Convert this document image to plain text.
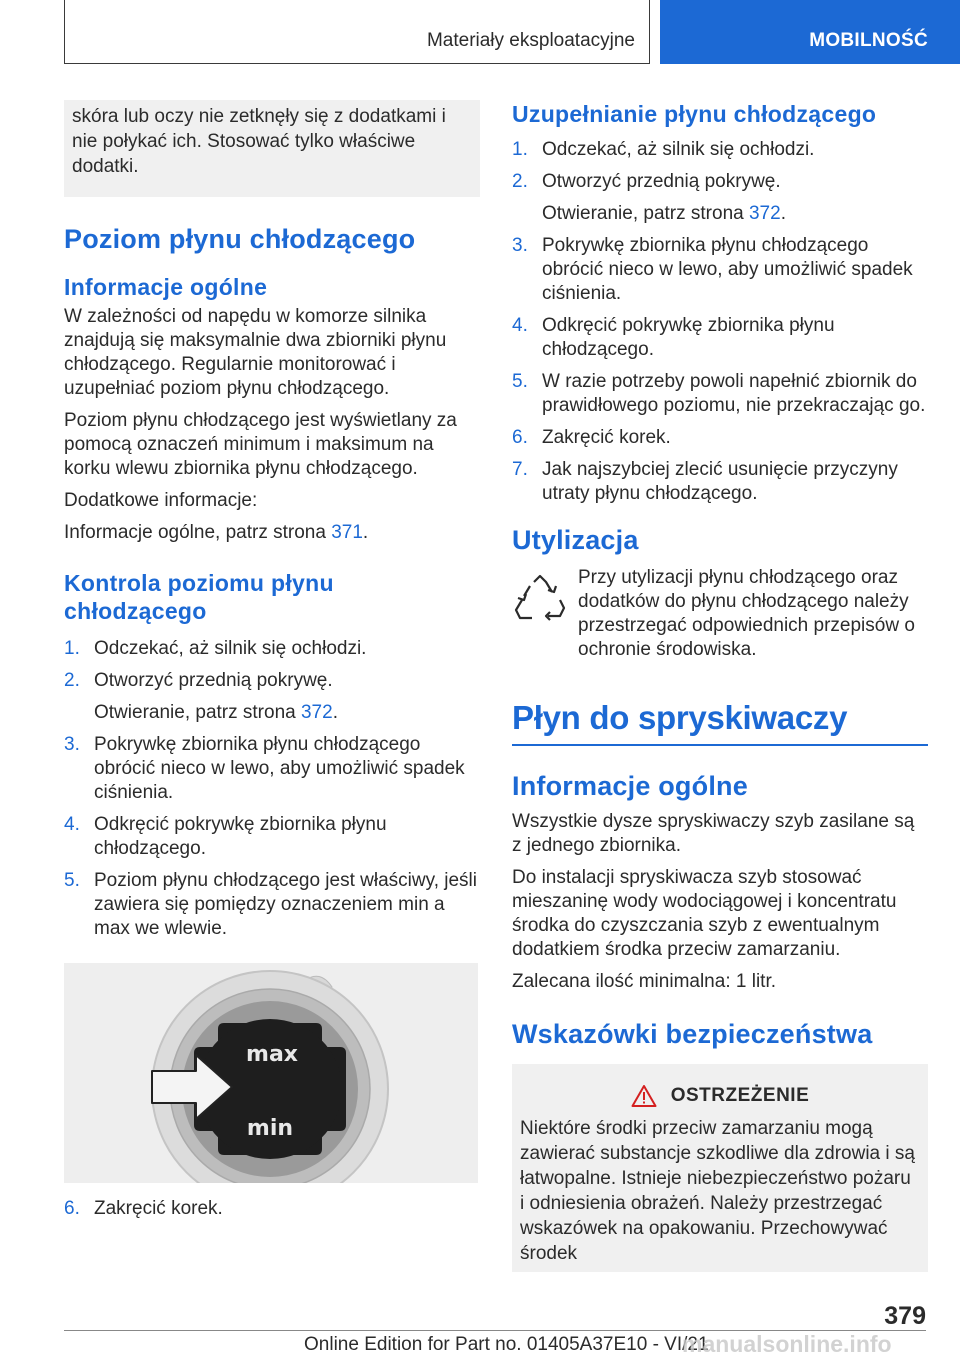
Materiały eksploatacyjne	MOBILNOŚĆ
skóra lub oczy nie zetknęły się z dodatkami i nie połykać ich. Stosować tylko właściwe dodatki.
Poziom płynu chłodzącego
Informacje ogólne

W zależności od napędu w komorze silnika znajdują się maksymalnie dwa zbiorniki płynu chłodzącego. Regularnie monitorować i uzupełniać poziom płynu chłodzącego.

Poziom płynu chłodzącego jest wyświetlany za pomocą oznaczeń minimum i maksimum na korku wlewu zbiornika płynu chłodzącego.

Dodatkowe informacje:

Informacje ogólne, patrz strona 371.

Kontrola poziomu płynu chłodzącego
1. Odczekać, aż silnik się ochłodzi.
2. Otworzyć przednią pokrywę.
Otwieranie, patrz strona 372.
3. Pokrywkę zbiornika płynu chłodzącego obrócić nieco w lewo, aby umożliwić spadek ciśnienia.
4. Odkręcić pokrywkę zbiornika płynu chłodzącego.
5. Poziom płynu chłodzącego jest właściwy, jeśli zawiera się pomiędzy oznaczeniem min a max we wlewie.
max
min
6. Zakręcić korek.
Uzupełnianie płynu chłodzącego
1. Odczekać, aż silnik się ochłodzi.
2. Otworzyć przednią pokrywę.
Otwieranie, patrz strona 372.
3. Pokrywkę zbiornika płynu chłodzącego obrócić nieco w lewo, aby umożliwić spadek ciśnienia.
4. Odkręcić pokrywkę zbiornika płynu chłodzącego.
5. W razie potrzeby powoli napełnić zbiornik do prawidłowego poziomu, nie przekraczając go.
6. Zakręcić korek.
7. Jak najszybciej zlecić usunięcie przyczyny utraty płynu chłodzącego.
Utylizacja
Przy utylizacji płynu chłodzącego oraz dodatków do płynu chłodzącego należy przestrzegać odpowiednich przepisów o ochronie środowiska.
Płyn do spryskiwaczy
Informacje ogólne

Wszystkie dysze spryskiwaczy szyb zasilane są z jednego zbiornika.

Do instalacji spryskiwacza szyb stosować mieszaninę wody wodociągowej i koncentratu środka do czyszczania szyb z ewentualnym dodatkiem środka przeciw zamarzaniu.

Zalecana ilość minimalna: 1 litr.

Wskazówki bezpieczeństwa
OSTRZEŻENIE

Niektóre środki przeciw zamarzaniu mogą zawierać substancje szkodliwe dla zdrowia i są łatwopalne. Istnieje niebezpieczeństwo pożaru i odniesienia obrażeń. Należy przestrzegać wskazówek na opakowaniu. Przechowywać środek

379
Online Edition for Part no. 01405A37E10 - VI/21
manualsonline.info
